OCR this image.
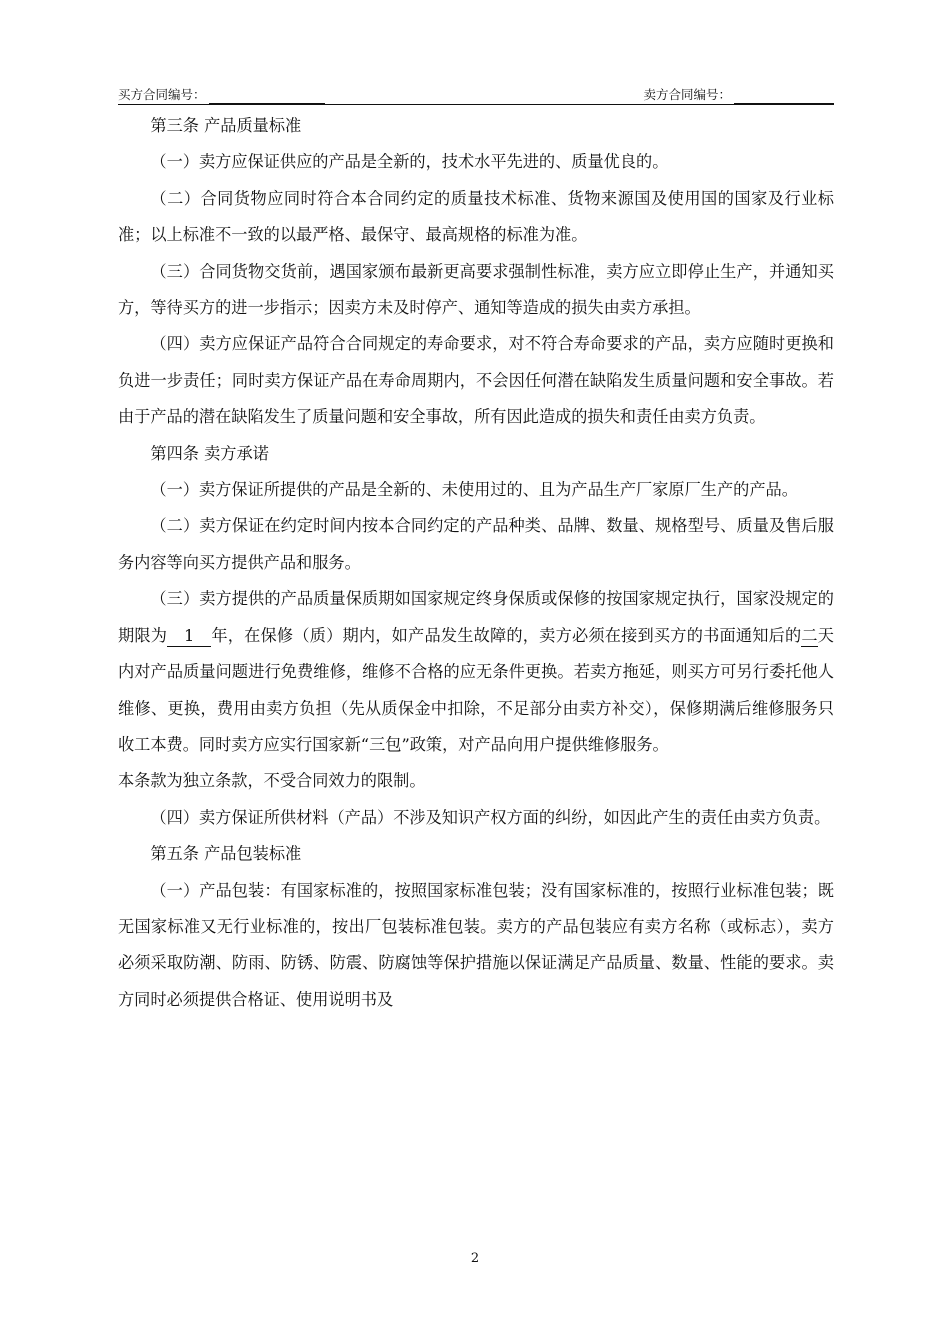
买方合同编号：	卖方合同编号：

第三条 产品质量标准

（一）卖方应保证供应的产品是全新的，技术水平先进的、质量优良的。

（二）合同货物应同时符合本合同约定的质量技术标准、货物来源国及使用国的国家及行业标准；以上标准不一致的以最严格、最保守、最高规格的标准为准。

（三）合同货物交货前，遇国家颁布最新更高要求强制性标准，卖方应立即停止生产，并通知买方，等待买方的进一步指示；因卖方未及时停产、通知等造成的损失由卖方承担。

（四）卖方应保证产品符合合同规定的寿命要求，对不符合寿命要求的产品，卖方应随时更换和负进一步责任；同时卖方保证产品在寿命周期内，不会因任何潜在缺陷发生质量问题和安全事故。若由于产品的潜在缺陷发生了质量问题和安全事故，所有因此造成的损失和责任由卖方负责。

第四条 卖方承诺

（一）卖方保证所提供的产品是全新的、未使用过的、且为产品生产厂家原厂生产的产品。

（二）卖方保证在约定时间内按本合同约定的产品种类、品牌、数量、规格型号、质量及售后服务内容等向买方提供产品和服务。

（三）卖方提供的产品质量保质期如国家规定终身保质或保修的按国家规定执行，国家没规定的期限为 1 年，在保修（质）期内，如产品发生故障的，卖方必须在接到买方的书面通知后的二天内对产品质量问题进行免费维修，维修不合格的应无条件更换。若卖方拖延，则买方可另行委托他人维修、更换，费用由卖方负担（先从质保金中扣除，不足部分由卖方补交），保修期满后维修服务只收工本费。同时卖方应实行国家新“三包”政策，对产品向用户提供维修服务。

本条款为独立条款，不受合同效力的限制。

（四）卖方保证所供材料（产品）不涉及知识产权方面的纠纷，如因此产生的责任由卖方负责。

第五条 产品包装标准

（一）产品包装：有国家标准的，按照国家标准包装；没有国家标准的，按照行业标准包装；既无国家标准又无行业标准的，按出厂包装标准包装。卖方的产品包装应有卖方名称（或标志），卖方必须采取防潮、防雨、防锈、防震、防腐蚀等保护措施以保证满足产品质量、数量、性能的要求。卖方同时必须提供合格证、使用说明书及

2
